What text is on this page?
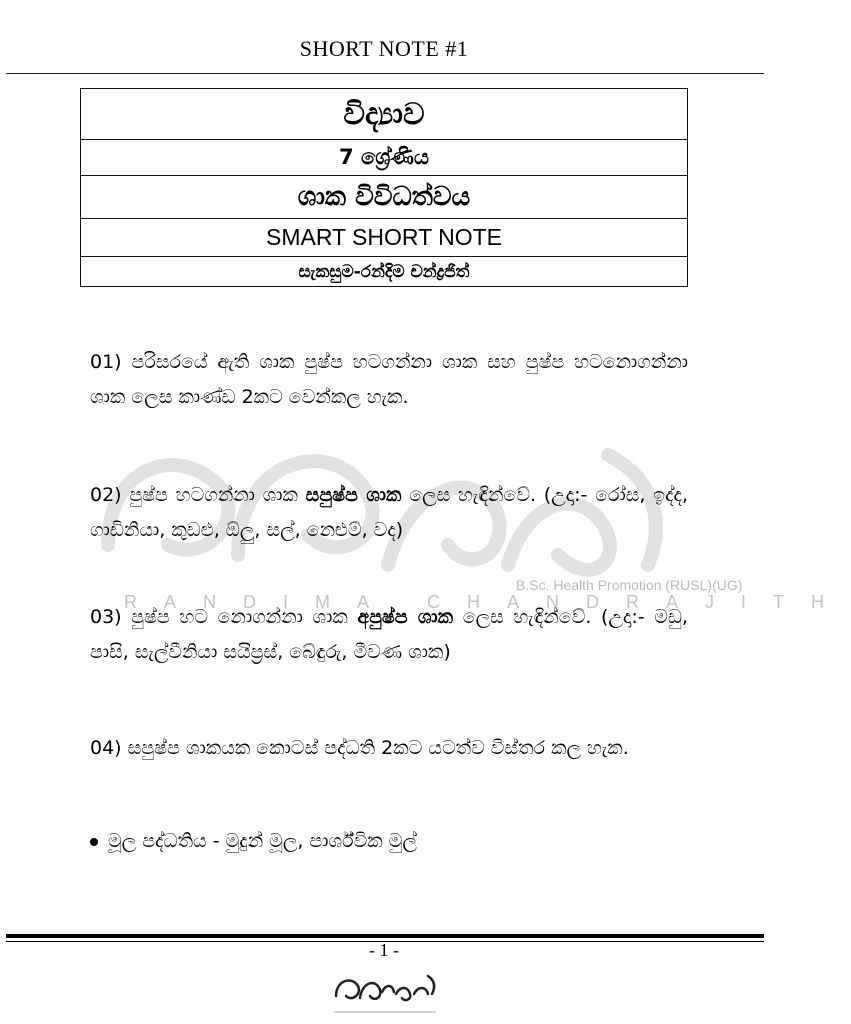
SHORT NOTE #1
විද්‍යාව
7 ශ්‍රේණිය
ශාක විවිධත්වය
SMART SHORT NOTE
සැකසුම-රන්දිම චන්ද්‍රජිත්
B.Sc. Health Promotion (RUSL)(UG)
RANDIMA CHANDRAJITH
01) පරිසරයේ ඇති ශාක පුෂ්ප හටගන්නා ශාක සහ පුෂ්ප හටනොගන්නා ශාක ලෙස කාණ්ඩ 2කට වෙන්කල හැක.
02) පුෂ්ප හටගන්නා ශාක සපුෂ්ප ශාක ලෙස හැඳින්වේ. (උදා:- රෝස, ඉද්ද, ගාඩිනියා, කුඩළු, ඕලු, සල්, නෙළුම්, වද)
03) පුෂ්ප හට නොගන්නා ශාක අපුෂ්ප ශාක ලෙස හැඳින්වේ. (උදා:- මඩු, පාසි, සැල්වීනියා සයිප්‍රස්, බේඳුරු, මීවණ ශාක)
04) සපුෂ්ප ශාකයක කොටස් පද්ධති 2කට යටත්ව විස්තර කල හැක.
මූල පද්ධතිය - මුදුන් මූල, පාර්ශ්වික මුල්
- 1 -
